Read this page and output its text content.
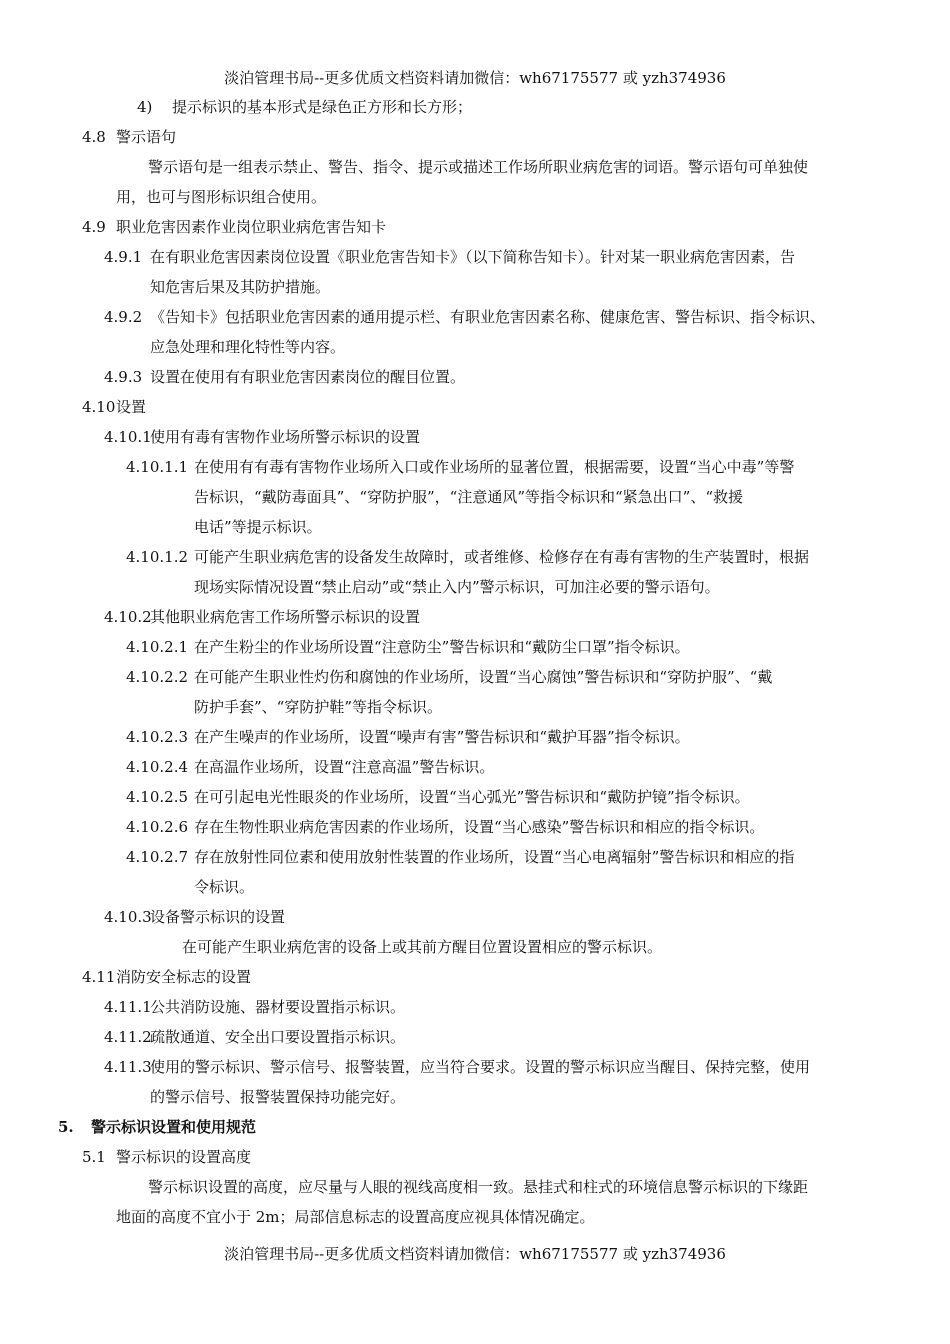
淡泊管理书局--更多优质文档资料请加微信：wh67175577 或 yzh374936
4) 提示标识的基本形式是绿色正方形和长方形；
4.8 警示语句
警示语句是一组表示禁止、警告、指令、提示或描述工作场所职业病危害的词语。警示语句可单独使
用，也可与图形标识组合使用。
4.9 职业危害因素作业岗位职业病危害告知卡
4.9.1 在有职业危害因素岗位设置《职业危害告知卡》（以下简称告知卡）。针对某一职业病危害因素，告
知危害后果及其防护措施。
4.9.2 《告知卡》包括职业危害因素的通用提示栏、有职业危害因素名称、健康危害、警告标识、指令标识、
应急处理和理化特性等内容。
4.9.3 设置在使用有有职业危害因素岗位的醒目位置。
4.10 设置
4.10.1
使用有毒有害物作业场所警示标识的设置
4.10.1.1 在使用有有毒有害物作业场所入口或作业场所的显著位置，根据需要，设置“当心中毒”等警
告标识，“戴防毒面具”、“穿防护服”，“注意通风”等指令标识和“紧急出口”、“救援
电话”等提示标识。
4.10.1.2 可能产生职业病危害的设备发生故障时，或者维修、检修存在有毒有害物的生产装置时，根据
现场实际情况设置“禁止启动”或“禁止入内”警示标识，可加注必要的警示语句。
4.10.2
其他职业病危害工作场所警示标识的设置
4.10.2.1 在产生粉尘的作业场所设置“注意防尘”警告标识和“戴防尘口罩”指令标识。
4.10.2.2 在可能产生职业性灼伤和腐蚀的作业场所，设置“当心腐蚀”警告标识和“穿防护服”、“戴
防护手套”、“穿防护鞋”等指令标识。
4.10.2.3 在产生噪声的作业场所，设置“噪声有害”警告标识和“戴护耳器”指令标识。
4.10.2.4 在高温作业场所，设置“注意高温”警告标识。
4.10.2.5 在可引起电光性眼炎的作业场所，设置“当心弧光”警告标识和“戴防护镜”指令标识。
4.10.2.6 存在生物性职业病危害因素的作业场所，设置“当心感染”警告标识和相应的指令标识。
4.10.2.7 存在放射性同位素和使用放射性装置的作业场所，设置“当心电离辐射”警告标识和相应的指
令标识。
4.10.3
设备警示标识的设置
在可能产生职业病危害的设备上或其前方醒目位置设置相应的警示标识。
4.11 消防安全标志的设置
4.11.1
公共消防设施、器材要设置指示标识。
4.11.2
疏散通道、安全出口要设置指示标识。
4.11.3
使用的警示标识、警示信号、报警装置，应当符合要求。设置的警示标识应当醒目、保持完整，使用
的警示信号、报警装置保持功能完好。
5. 警示标识设置和使用规范
5.1 警示标识的设置高度
警示标识设置的高度，应尽量与人眼的视线高度相一致。悬挂式和柱式的环境信息警示标识的下缘距
地面的高度不宜小于 2m；局部信息标志的设置高度应视具体情况确定。
淡泊管理书局--更多优质文档资料请加微信：wh67175577 或 yzh374936
